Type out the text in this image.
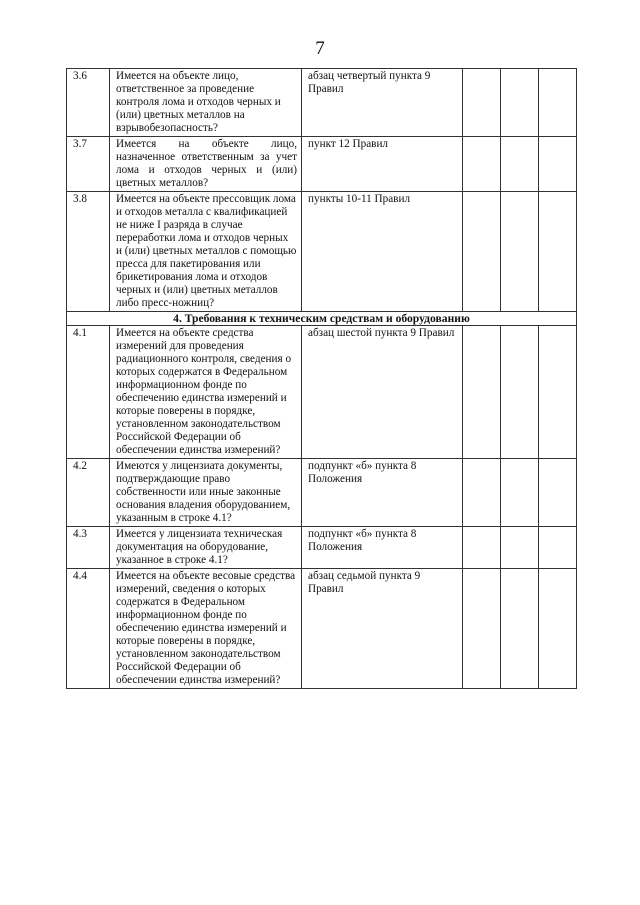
7
3.6	Имеется на объекте лицо, ответственное за проведение контроля лома и отходов черных и (или) цветных металлов на взрывобезопасность?	абзац четвертый пункта 9 Правил			
3.7	Имеется на объекте лицо, назначенное ответственным за учет лома и отходов черных и (или) цветных металлов?	пункт 12 Правил			
3.8	Имеется на объекте прессовщик лома и отходов металла с квалификацией не ниже I разряда в случае переработки лома и отходов черных и (или) цветных металлов с помощью пресса для пакетирования или брикетирования лома и отходов черных и (или) цветных металлов либо пресс-ножниц?	пункты 10-11 Правил			
4. Требования к техническим средствам и оборудованию					
4.1	Имеется на объекте средства измерений для проведения радиационного контроля, сведения о которых содержатся в Федеральном информационном фонде по обеспечению единства измерений и которые поверены в порядке, установленном законодательством Российской Федерации об обеспечении единства измерений?	абзац шестой пункта 9 Правил			
4.2	Имеются у лицензиата документы, подтверждающие право собственности или иные законные основания владения оборудованием, указанным в строке 4.1?	подпункт «б» пункта 8 Положения			
4.3	Имеется у лицензиата техническая документация на оборудование, указанное в строке 4.1?	подпункт «б» пункта 8 Положения			
4.4	Имеется на объекте весовые средства измерений, сведения о которых содержатся в Федеральном информационном фонде по обеспечению единства измерений и которые поверены в порядке, установленном законодательством Российской Федерации об обеспечении единства измерений?	абзац седьмой пункта 9 Правил			
